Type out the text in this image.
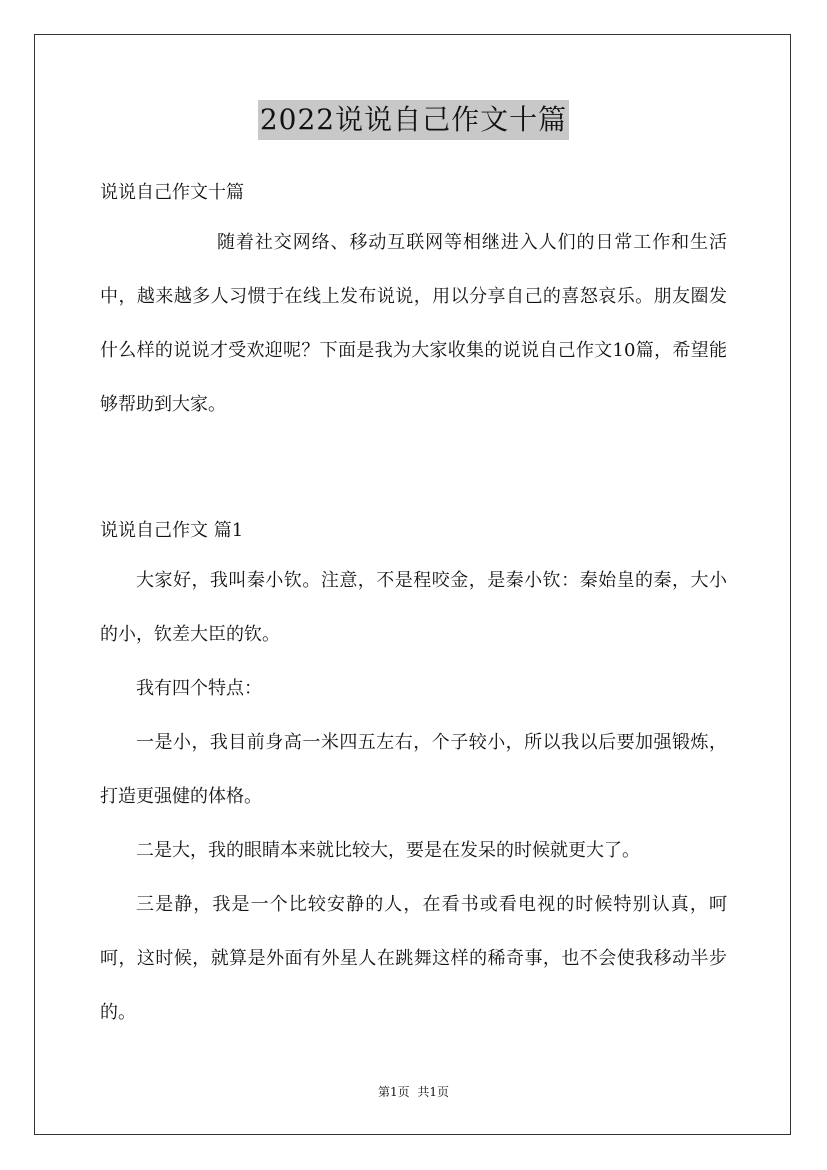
2022说说自己作文十篇

说说自己作文十篇

随着社交网络、移动互联网等相继进入人们的日常工作和生活中，越来越多人习惯于在线上发布说说，用以分享自己的喜怒哀乐。朋友圈发什么样的说说才受欢迎呢？下面是我为大家收集的说说自己作文10篇，希望能够帮助到大家。

说说自己作文 篇1

大家好，我叫秦小钦。注意，不是程咬金，是秦小钦：秦始皇的秦，大小的小，钦差大臣的钦。

我有四个特点：

一是小，我目前身高一米四五左右，个子较小，所以我以后要加强锻炼，打造更强健的体格。

二是大，我的眼睛本来就比较大，要是在发呆的时候就更大了。

三是静，我是一个比较安静的人，在看书或看电视的时候特别认真，呵呵，这时候，就算是外面有外星人在跳舞这样的稀奇事，也不会使我移动半步的。

第1页 共1页
